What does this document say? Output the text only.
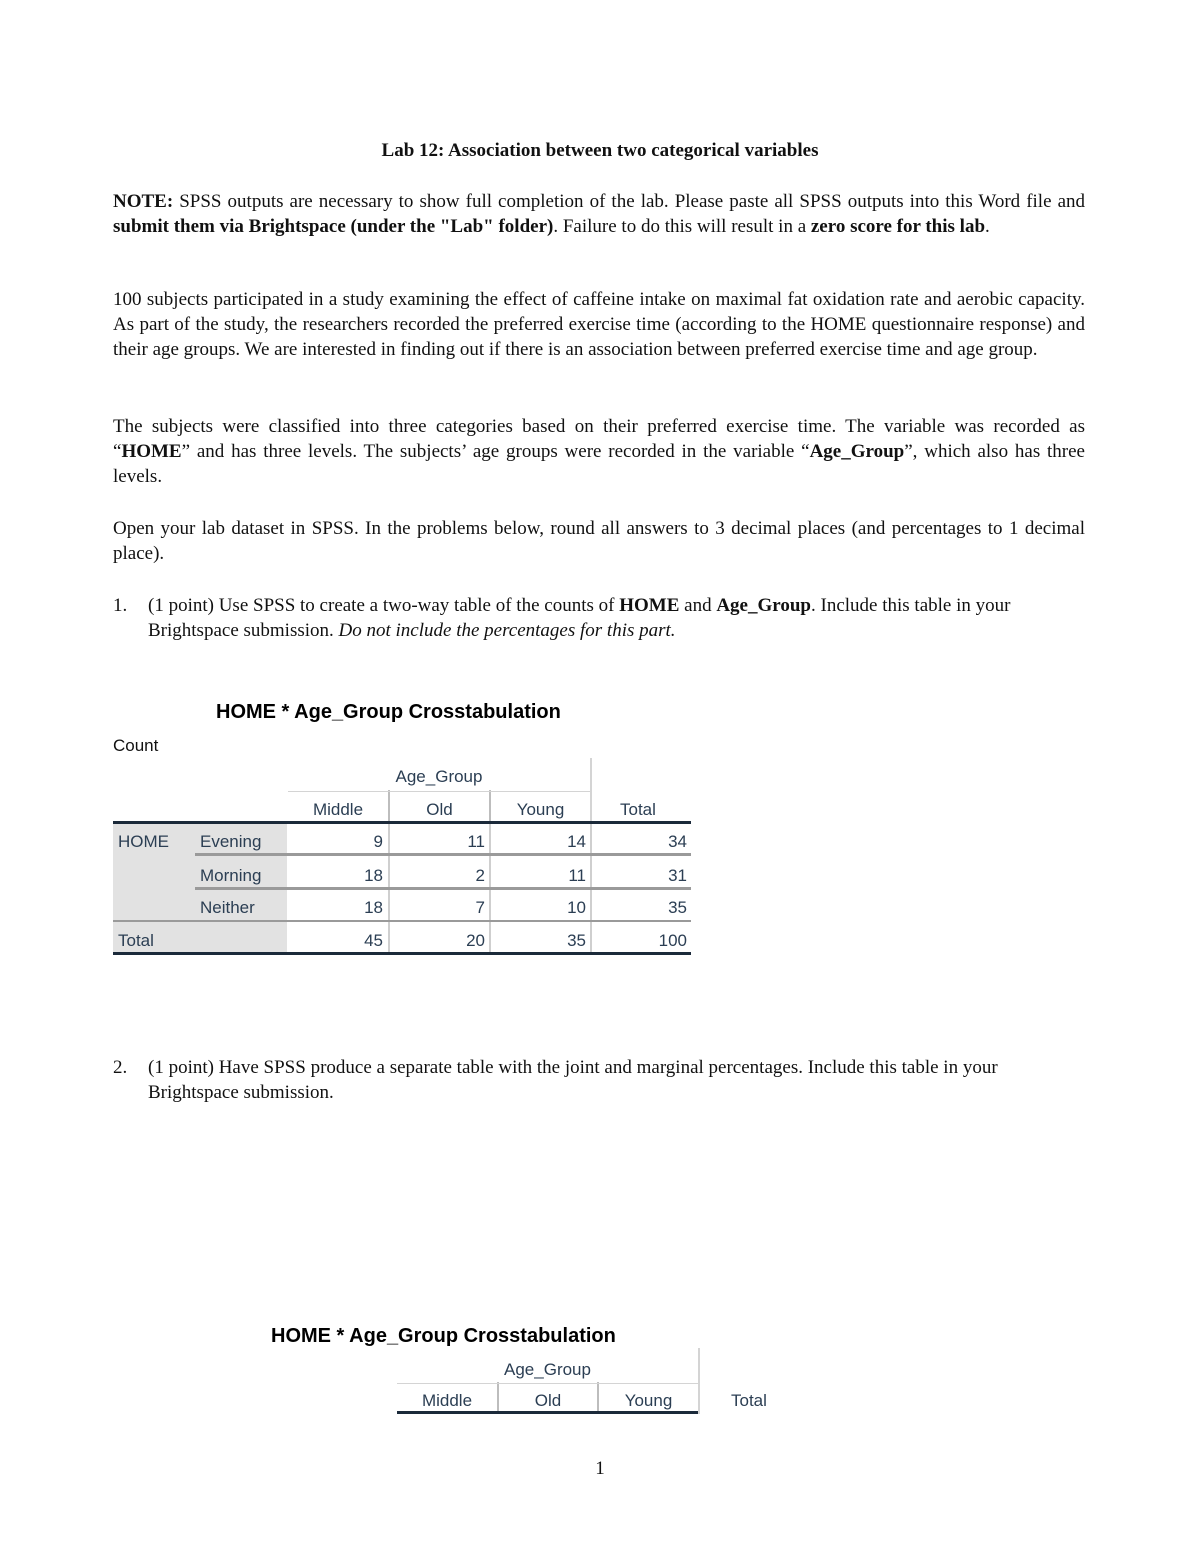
Lab 12: Association between two categorical variables
NOTE: SPSS outputs are necessary to show full completion of the lab. Please paste all SPSS outputs into this Word file and submit them via Brightspace (under the "Lab" folder). Failure to do this will result in a zero score for this lab.
100 subjects participated in a study examining the effect of caffeine intake on maximal fat oxidation rate and aerobic capacity. As part of the study, the researchers recorded the preferred exercise time (according to the HOME questionnaire response) and their age groups. We are interested in finding out if there is an association between preferred exercise time and age group.
The subjects were classified into three categories based on their preferred exercise time. The variable was recorded as “HOME” and has three levels. The subjects’ age groups were recorded in the variable “Age_Group”, which also has three levels.
Open your lab dataset in SPSS. In the problems below, round all answers to 3 decimal places (and percentages to 1 decimal place).
1. (1 point) Use SPSS to create a two-way table of the counts of HOME and Age_Group. Include this table in your Brightspace submission. Do not include the percentages for this part.
HOME * Age_Group Crosstabulation
Count
Age_Group
Middle	Old	Young	Total
HOME Evening	9	11	14	34
Morning	18	2	11	31
Neither	18	7	10	35
Total	45	20	35	100
2. (1 point) Have SPSS produce a separate table with the joint and marginal percentages. Include this table in your Brightspace submission.
HOME * Age_Group Crosstabulation
Age_Group
Middle	Old	Young	Total
1
